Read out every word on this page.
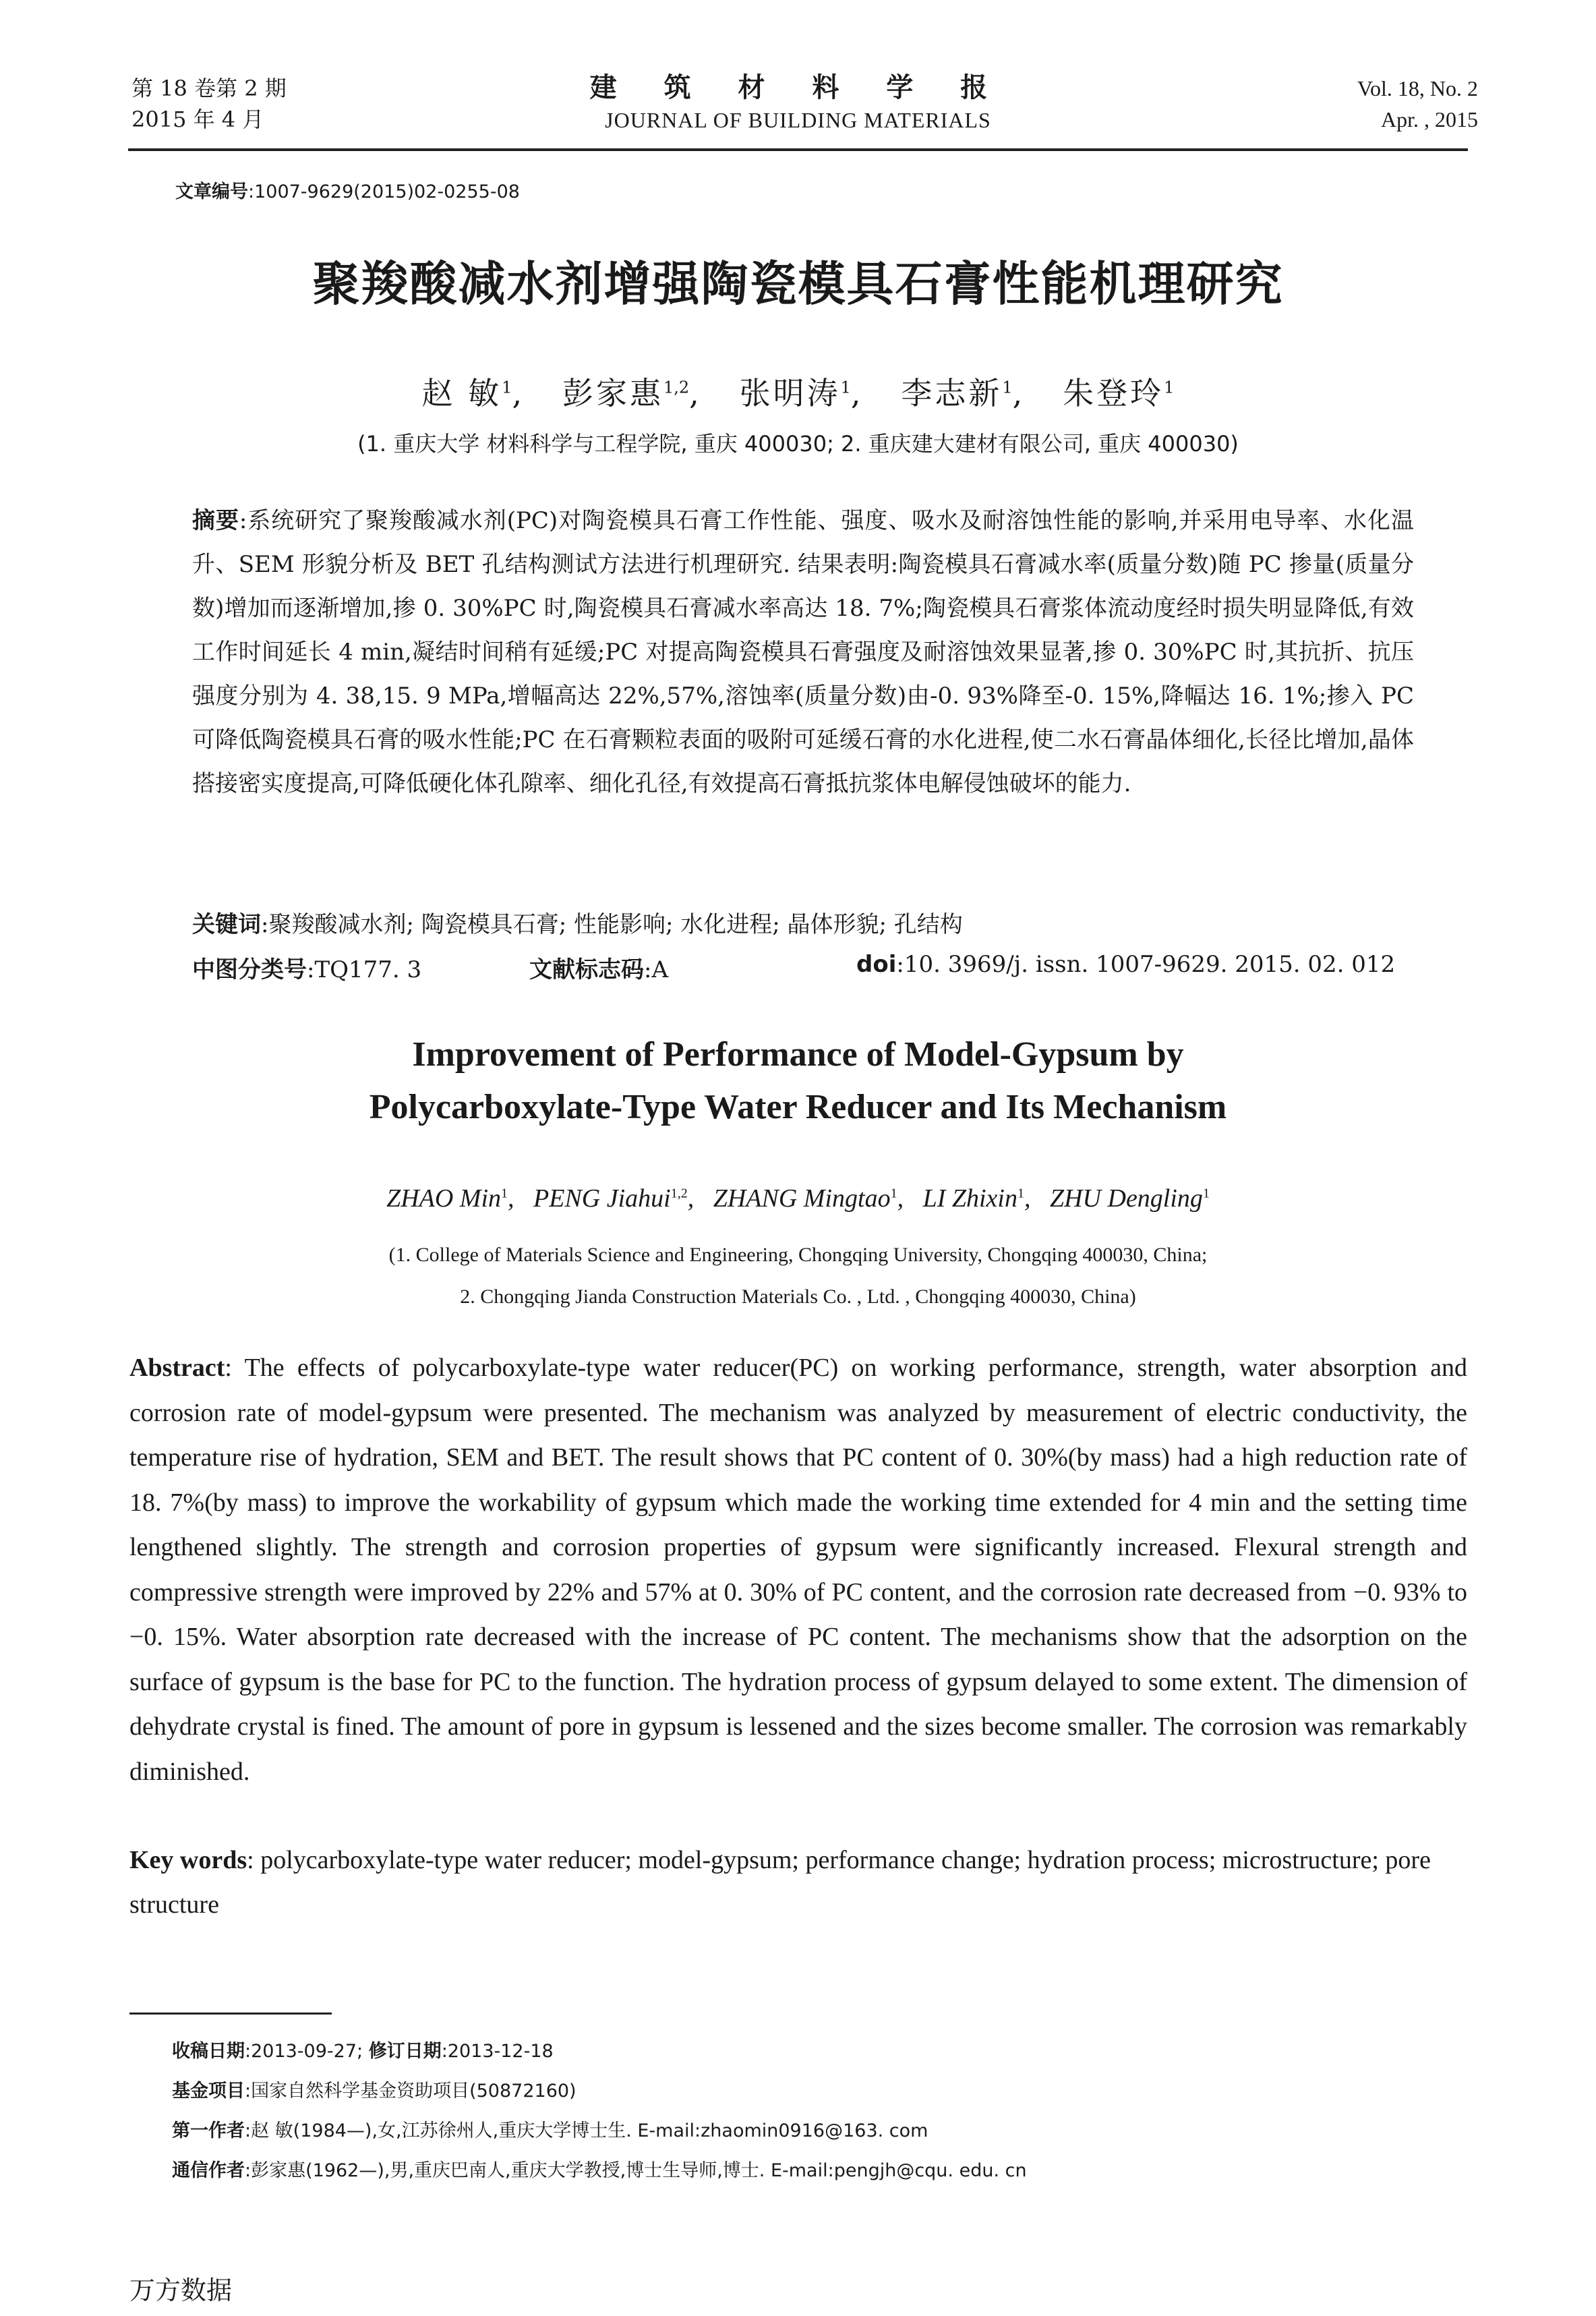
第 18 卷第 2 期
2015 年 4 月
建 筑 材 料 学 报
JOURNAL OF BUILDING MATERIALS
Vol. 18, No. 2
Apr. , 2015
文章编号:1007-9629(2015)02-0255-08
聚羧酸减水剂增强陶瓷模具石膏性能机理研究
赵 敏$^1$,   彭家惠$^{1,2}$,   张明涛$^1$,   李志新$^1$,   朱登玲$^1$
(1. 重庆大学 材料科学与工程学院, 重庆 400030; 2. 重庆建大建材有限公司, 重庆 400030)
摘要:系统研究了聚羧酸减水剂(PC)对陶瓷模具石膏工作性能、强度、吸水及耐溶蚀性能的影响,并采用电导率、水化温升、SEM 形貌分析及 BET 孔结构测试方法进行机理研究. 结果表明:陶瓷模具石膏减水率(质量分数)随 PC 掺量(质量分数)增加而逐渐增加,掺 0. 30%PC 时,陶瓷模具石膏减水率高达 18. 7%;陶瓷模具石膏浆体流动度经时损失明显降低,有效工作时间延长 4 min,凝结时间稍有延缓;PC 对提高陶瓷模具石膏强度及耐溶蚀效果显著,掺 0. 30%PC 时,其抗折、抗压强度分别为 4. 38,15. 9 MPa,增幅高达 22%,57%,溶蚀率(质量分数)由-0. 93%降至-0. 15%,降幅达 16. 1%;掺入 PC 可降低陶瓷模具石膏的吸水性能;PC 在石膏颗粒表面的吸附可延缓石膏的水化进程,使二水石膏晶体细化,长径比增加,晶体搭接密实度提高,可降低硬化体孔隙率、细化孔径,有效提高石膏抵抗浆体电解侵蚀破坏的能力.
关键词:聚羧酸减水剂; 陶瓷模具石膏; 性能影响; 水化进程; 晶体形貌; 孔结构
中图分类号:TQ177. 3	文献标志码:A	doi:10. 3969/j. issn. 1007-9629. 2015. 02. 012
Improvement of Performance of Model-Gypsum by
Polycarboxylate-Type Water Reducer and Its Mechanism
ZHAO Min$^1$,   PENG Jiahui$^{1,2}$,   ZHANG Mingtao$^1$,   LI Zhixin$^1$,   ZHU Dengling$^1$
(1. College of Materials Science and Engineering, Chongqing University, Chongqing 400030, China;
2. Chongqing Jianda Construction Materials Co. , Ltd. , Chongqing 400030, China)
Abstract: The effects of polycarboxylate-type water reducer(PC) on working performance, strength, water absorption and corrosion rate of model-gypsum were presented. The mechanism was analyzed by measurement of electric conductivity, the temperature rise of hydration, SEM and BET. The result shows that PC content of 0. 30%(by mass) had a high reduction rate of 18. 7%(by mass) to improve the workability of gypsum which made the working time extended for 4 min and the setting time lengthened slightly. The strength and corrosion properties of gypsum were significantly increased. Flexural strength and compressive strength were improved by 22% and 57% at 0. 30% of PC content, and the corrosion rate decreased from −0. 93% to −0. 15%. Water absorption rate decreased with the increase of PC content. The mechanisms show that the adsorption on the surface of gypsum is the base for PC to the function. The hydration process of gypsum delayed to some extent. The dimension of dehydrate crystal is fined. The amount of pore in gypsum is lessened and the sizes become smaller. The corrosion was remarkably diminished.
Key words: polycarboxylate-type water reducer; model-gypsum; performance change; hydration process; microstructure; pore structure
收稿日期:2013-09-27; 修订日期:2013-12-18
基金项目:国家自然科学基金资助项目(50872160)
第一作者:赵 敏(1984—),女,江苏徐州人,重庆大学博士生. E-mail:zhaomin0916@163. com
通信作者:彭家惠(1962—),男,重庆巴南人,重庆大学教授,博士生导师,博士. E-mail:pengjh@cqu. edu. cn
万方数据
